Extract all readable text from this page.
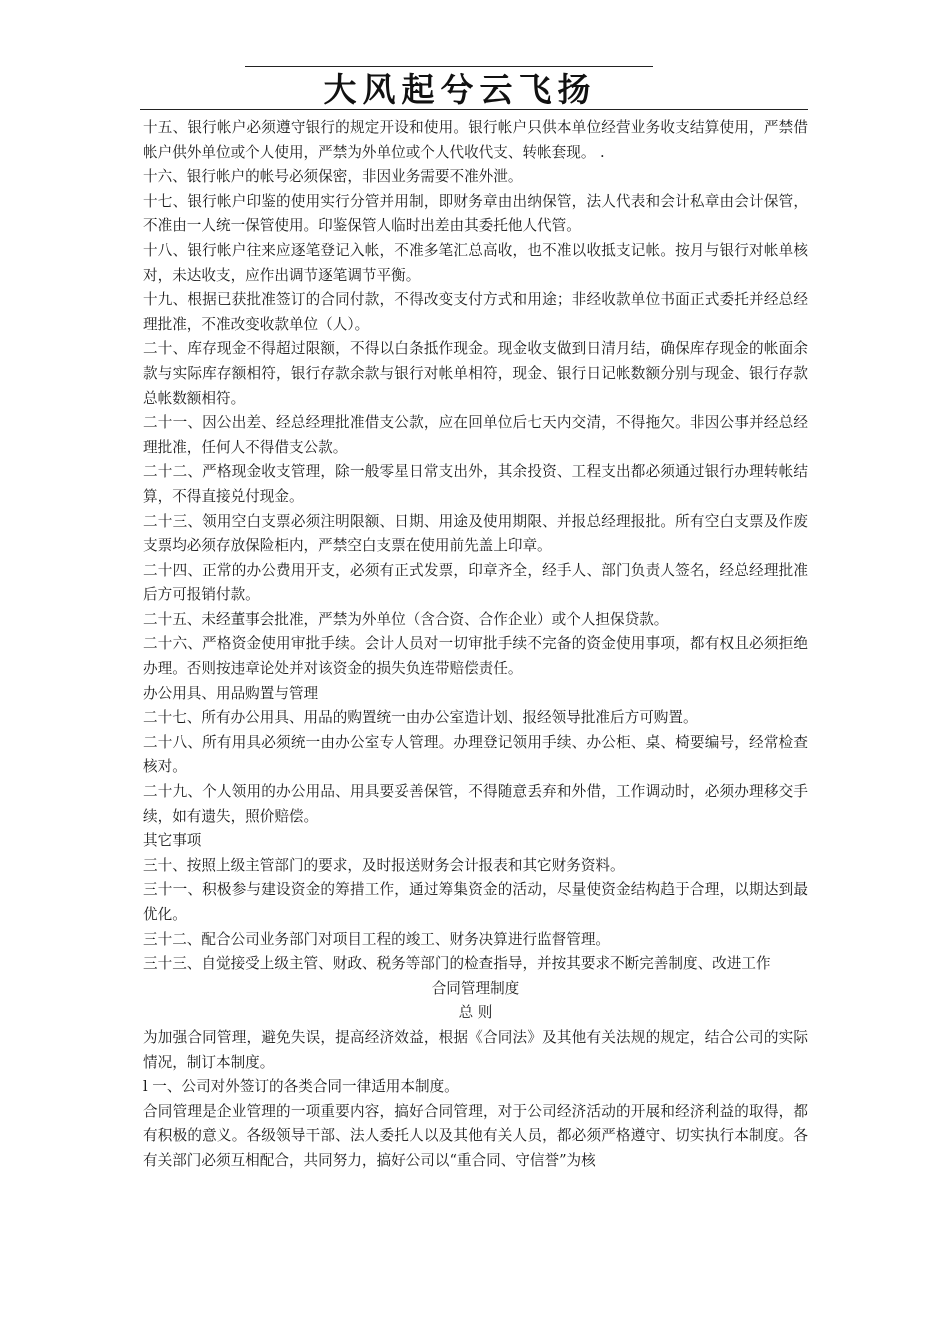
大风起兮云飞扬

十五、银行帐户必须遵守银行的规定开设和使用。银行帐户只供本单位经营业务收支结算使用，严禁借帐户供外单位或个人使用，严禁为外单位或个人代收代支、转帐套现。 .

十六、银行帐户的帐号必须保密，非因业务需要不准外泄。

十七、银行帐户印鉴的使用实行分管并用制，即财务章由出纳保管，法人代表和会计私章由会计保管，不准由一人统一保管使用。印鉴保管人临时出差由其委托他人代管。

十八、银行帐户往来应逐笔登记入帐，不准多笔汇总高收，也不准以收抵支记帐。按月与银行对帐单核对，未达收支，应作出调节逐笔调节平衡。

十九、根据已获批准签订的合同付款，不得改变支付方式和用途；非经收款单位书面正式委托并经总经理批准，不准改变收款单位（人）。

二十、库存现金不得超过限额，不得以白条抵作现金。现金收支做到日清月结，确保库存现金的帐面余款与实际库存额相符，银行存款余款与银行对帐单相符，现金、银行日记帐数额分别与现金、银行存款总帐数额相符。

二十一、因公出差、经总经理批准借支公款，应在回单位后七天内交清，不得拖欠。非因公事并经总经理批准，任何人不得借支公款。

二十二、严格现金收支管理，除一般零星日常支出外，其余投资、工程支出都必须通过银行办理转帐结算，不得直接兑付现金。

二十三、领用空白支票必须注明限额、日期、用途及使用期限、并报总经理报批。所有空白支票及作废支票均必须存放保险柜内，严禁空白支票在使用前先盖上印章。

二十四、正常的办公费用开支，必须有正式发票，印章齐全，经手人、部门负责人签名，经总经理批准后方可报销付款。

二十五、未经董事会批准，严禁为外单位（含合资、合作企业）或个人担保贷款。

二十六、严格资金使用审批手续。会计人员对一切审批手续不完备的资金使用事项，都有权且必须拒绝办理。否则按违章论处并对该资金的损失负连带赔偿责任。

办公用具、用品购置与管理

二十七、所有办公用具、用品的购置统一由办公室造计划、报经领导批准后方可购置。

二十八、所有用具必须统一由办公室专人管理。办理登记领用手续、办公柜、桌、椅要编号，经常检查核对。

二十九、个人领用的办公用品、用具要妥善保管，不得随意丢弃和外借，工作调动时，必须办理移交手续，如有遗失，照价赔偿。

其它事项

三十、按照上级主管部门的要求，及时报送财务会计报表和其它财务资料。

三十一、积极参与建设资金的筹措工作，通过筹集资金的活动，尽量使资金结构趋于合理，以期达到最优化。

三十二、配合公司业务部门对项目工程的竣工、财务决算进行监督管理。

三十三、自觉接受上级主管、财政、税务等部门的检查指导，并按其要求不断完善制度、改进工作

合同管理制度

总 则

为加强合同管理，避免失误，提高经济效益，根据《合同法》及其他有关法规的规定，结合公司的实际情况，制订本制度。

l 一、公司对外签订的各类合同一律适用本制度。

合同管理是企业管理的一项重要内容，搞好合同管理，对于公司经济活动的开展和经济利益的取得，都有积极的意义。各级领导干部、法人委托人以及其他有关人员，都必须严格遵守、切实执行本制度。各有关部门必须互相配合，共同努力，搞好公司以“重合同、守信誉”为核
